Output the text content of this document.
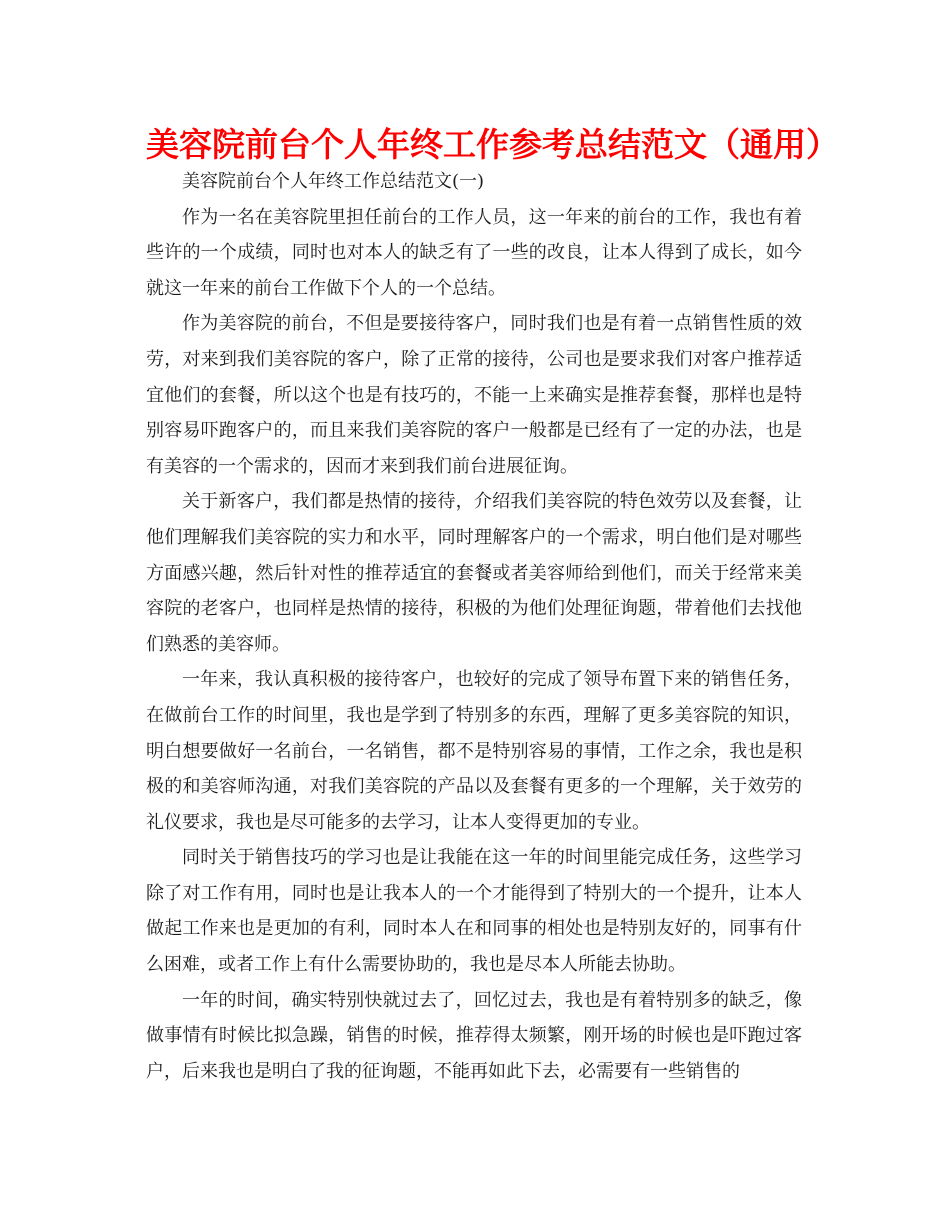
美容院前台个人年终工作参考总结范文（通用）

美容院前台个人年终工作总结范文(一)

作为一名在美容院里担任前台的工作人员，这一年来的前台的工作，我也有着些许的一个成绩，同时也对本人的缺乏有了一些的改良，让本人得到了成长，如今就这一年来的前台工作做下个人的一个总结。

作为美容院的前台，不但是要接待客户，同时我们也是有着一点销售性质的效劳，对来到我们美容院的客户，除了正常的接待，公司也是要求我们对客户推荐适宜他们的套餐，所以这个也是有技巧的，不能一上来确实是推荐套餐，那样也是特别容易吓跑客户的，而且来我们美容院的客户一般都是已经有了一定的办法，也是有美容的一个需求的，因而才来到我们前台进展征询。

关于新客户，我们都是热情的接待，介绍我们美容院的特色效劳以及套餐，让他们理解我们美容院的实力和水平，同时理解客户的一个需求，明白他们是对哪些方面感兴趣，然后针对性的推荐适宜的套餐或者美容师给到他们，而关于经常来美容院的老客户，也同样是热情的接待，积极的为他们处理征询题，带着他们去找他们熟悉的美容师。

一年来，我认真积极的接待客户，也较好的完成了领导布置下来的销售任务，在做前台工作的时间里，我也是学到了特别多的东西，理解了更多美容院的知识，明白想要做好一名前台，一名销售，都不是特别容易的事情，工作之余，我也是积极的和美容师沟通，对我们美容院的产品以及套餐有更多的一个理解，关于效劳的礼仪要求，我也是尽可能多的去学习，让本人变得更加的专业。

同时关于销售技巧的学习也是让我能在这一年的时间里能完成任务，这些学习除了对工作有用，同时也是让我本人的一个才能得到了特别大的一个提升，让本人做起工作来也是更加的有利，同时本人在和同事的相处也是特别友好的，同事有什么困难，或者工作上有什么需要协助的，我也是尽本人所能去协助。

一年的时间，确实特别快就过去了，回忆过去，我也是有着特别多的缺乏，像做事情有时候比拟急躁，销售的时候，推荐得太频繁，刚开场的时候也是吓跑过客户，后来我也是明白了我的征询题，不能再如此下去，必需要有一些销售的
